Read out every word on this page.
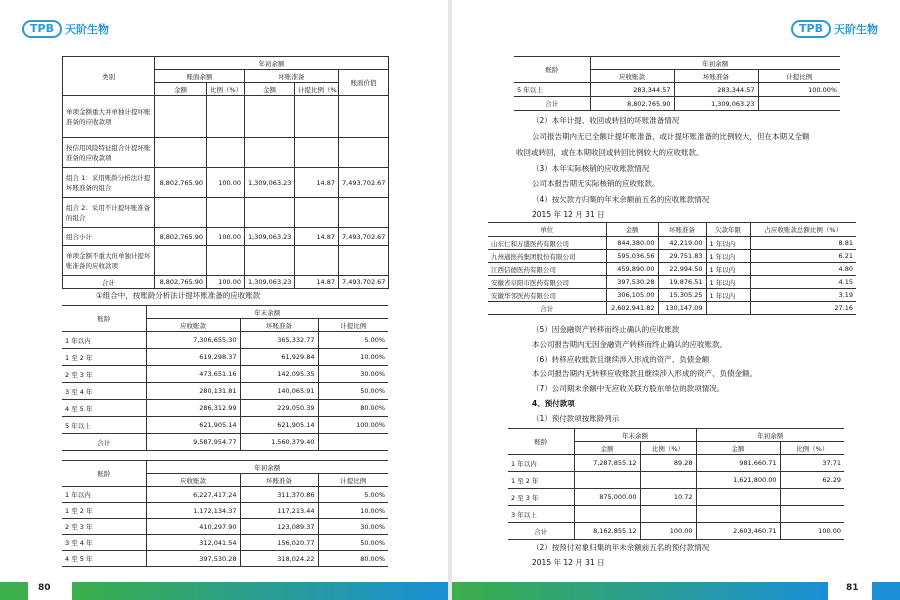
TPB	天阶生物
类别	年初余额				
	账面余额		坏账准备		账面价值
	金额	比例（%）	金额	计提比例（%）	
单项金额重大并单独计提坏账准备的应收款项					
按信用风险特征组合计提坏账准备的应收款项					
组合 1：采用账龄分析法计提坏账准备的组合	8,802,765.90	100.00	1,309,063.23	14.87	7,493,702.67
组合 2：采用不计提坏账准备的组合					
组合小计	8,802,765.90	100.00	1,309,063.23	14.87	7,493,702.67
单项金额不重大但单独计提坏账准备的应收款项					
合计	8,802,765.90	100.00	1,309,063.23	14.87	7,493,702.67
①组合中，按账龄分析法计提坏账准备的应收账款
账龄	年末余额		
	应收账款	坏账准备	计提比例
1 年以内	7,306,655.30	365,332.77	5.00%
1 至 2 年	619,298.37	61,929.84	10.00%
2 至 3 年	473,651.16	142,095.35	30.00%
3 至 4 年	280,131.81	140,065.91	50.00%
4 至 5 年	286,312.99	229,050.39	80.00%
5 年以上	621,905.14	621,905.14	100.00%
合计	9,587,954.77	1,560,379.40	
账龄	年初余额		
	应收账款	坏账准备	计提比例
1 年以内	6,227,417.24	311,370.86	5.00%
1 至 2 年	1,172,134.37	117,213.44	10.00%
2 至 3 年	410,297.90	123,089.37	30.00%
3 至 4 年	312,041.54	156,020.77	50.00%
4 至 5 年	397,530.28	318,024.22	80.00%
TPB	天阶生物
账龄	年初余额		
	应收账款	坏账准备	计提比例
5 年以上	283,344.57	283,344.57	100.00%
合计	8,802,765.90	1,309,063.23	
（2）本年计提、收回或转回的坏账准备情况
公司报告期内无已全额计提坏账准备，或计提坏账准备的比例较大，但在本期又全额
收回或转回，或在本期收回或转回比例较大的应收账款。
（3）本年实际核销的应收账款情况
公司本报告期无实际核销的应收账款。
（4）按欠款方归集的年末余额前五名的应收账款情况
2015 年 12 月 31 日
单位	金额	坏账准备	欠款年限	占应收账款总额比例（%）
山东仁和万盛医药有限公司	844,380.00	42,219.00	1 年以内	8.81
九州通医药集团股份有限公司	595,036.56	29,751.83	1 年以内	6.21
江西信德医药有限公司	459,890.00	22,994.50	1 年以内	4.80
安徽省阜阳市医药有限公司	397,530.28	19,876.51	1 年以内	4.15
安徽华邻医药有限公司	306,105.00	15,305.25	1 年以内	3.19
合计	2,602,941.82	130,147.09		27.16
（5）因金融资产转移而终止确认的应收账款
本公司报告期内无因金融资产转移而终止确认的应收账款。
（6）转移应收账款且继续涉入形成的资产、负债金额
本公司报告期内无转移应收账款且继续涉入形成的资产、负债金额。
（7）公司期末余额中无应收关联方股东单位的款项情况。
4、预付款项
（1）预付款项按账龄列示
账龄	年末余额		年初余额	
	金额	比例（%）	金额	比例（%）
1 年以内	7,287,855.12	89.28	981,660.71	37.71
1 至 2 年			1,621,800.00	62.29
2 至 3 年	875,000.00	10.72		
3 年以上				
合计	8,162,855.12	100.00	2,603,460.71	100.00
（2）按预付对象归集的年末余额前五名的预付款情况
2015 年 12 月 31 日
80	81
